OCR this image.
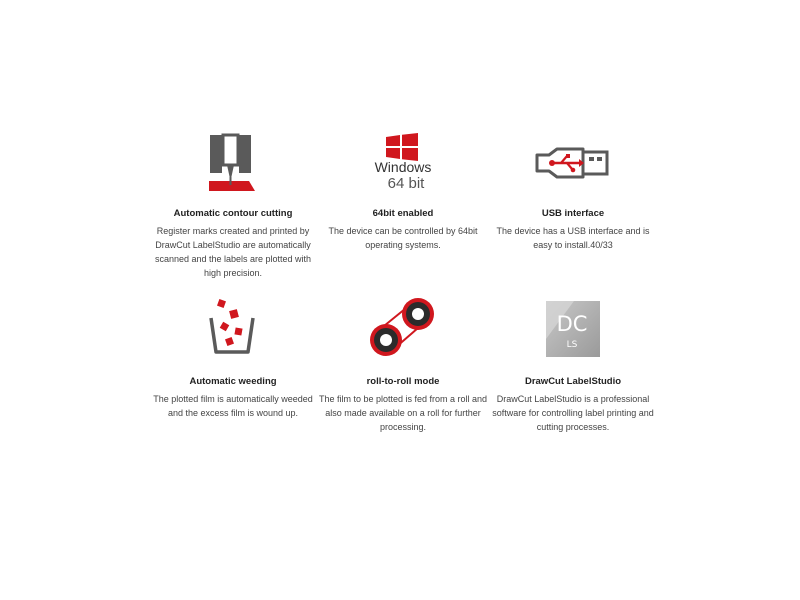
Automatic contour cutting
Register marks created and printed by DrawCut LabelStudio are automatically scanned and the labels are plotted with high precision.
Windows
64 bit
64bit enabled
The device can be controlled by 64bit operating systems.
USB interface
The device has a USB interface and is easy to install.40/33
Automatic weeding
The plotted film is automatically weeded and the excess film is wound up.
roll-to-roll mode
The film to be plotted is fed from a roll and also made available on a roll for further processing.
DC
LS
DrawCut LabelStudio
DrawCut LabelStudio is a professional software for controlling label printing and cutting processes.
